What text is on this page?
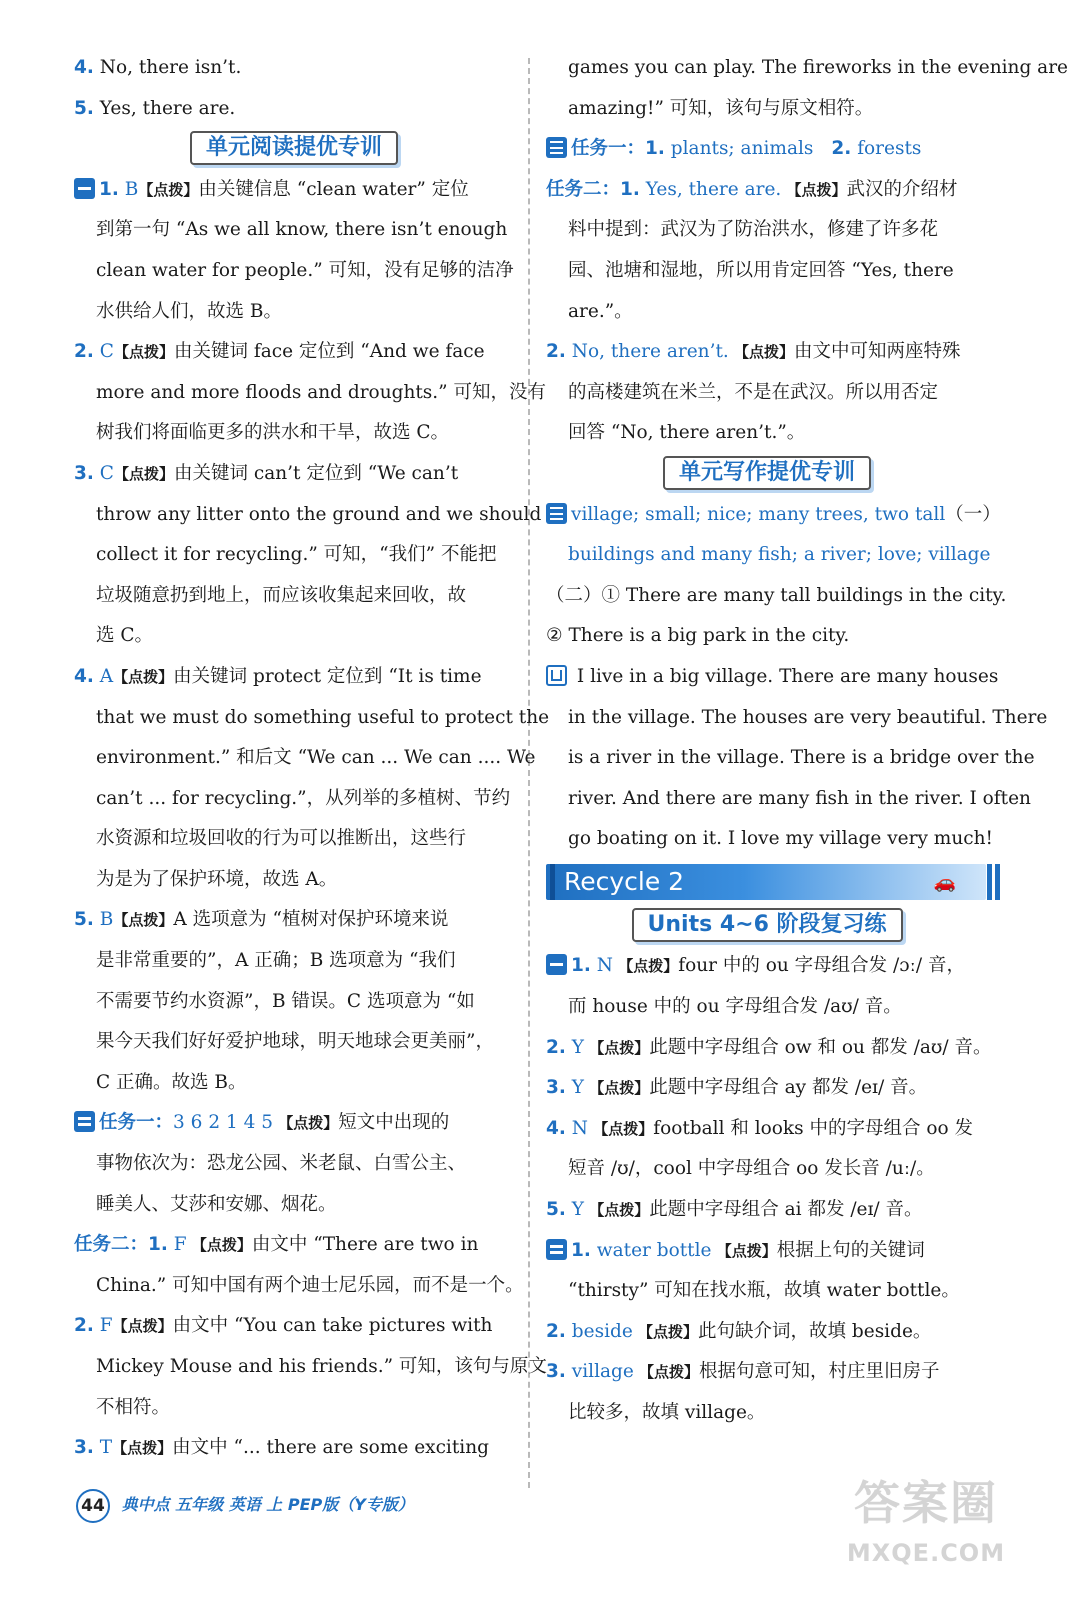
4. No, there isn’t.
5. Yes, there are.
单元阅读提优专训
1. B【点拨】由关键信息 “clean water” 定位
到第一句 “As we all know, there isn’t enough
clean water for people.” 可知，没有足够的洁净
水供给人们，故选 B。
2. C【点拨】由关键词 face 定位到 “And we face
more and more floods and droughts.” 可知，没有
树我们将面临更多的洪水和干旱，故选 C。
3. C【点拨】由关键词 can’t 定位到 “We can’t
throw any litter onto the ground and we should
collect it for recycling.” 可知，“我们” 不能把
垃圾随意扔到地上，而应该收集起来回收，故
选 C。
4. A【点拨】由关键词 protect 定位到 “It is time
that we must do something useful to protect the
environment.” 和后文 “We can ... We can .... We
can’t ... for recycling.”，从列举的多植树、节约
水资源和垃圾回收的行为可以推断出，这些行
为是为了保护环境，故选 A。
5. B【点拨】A 选项意为 “植树对保护环境来说
是非常重要的”，A 正确；B 选项意为 “我们
不需要节约水资源”，B 错误。C 选项意为 “如
果今天我们好好爱护地球，明天地球会更美丽”，
C 正确。故选 B。
任务一：3 6 2 1 4 5 【点拨】短文中出现的
事物依次为：恐龙公园、米老鼠、白雪公主、
睡美人、艾莎和安娜、烟花。
任务二：1. F 【点拨】由文中 “There are two in
China.” 可知中国有两个迪士尼乐园，而不是一个。
2. F【点拨】由文中 “You can take pictures with
Mickey Mouse and his friends.” 可知，该句与原文
不相符。
3. T【点拨】由文中 “... there are some exciting
games you can play. The fireworks in the evening are
amazing!” 可知，该句与原文相符。
任务一：1. plants; animals 2. forests
任务二：1. Yes, there are. 【点拨】武汉的介绍材
料中提到：武汉为了防治洪水，修建了许多花
园、池塘和湿地，所以用肯定回答 “Yes, there
are.”。
2. No, there aren’t. 【点拨】由文中可知两座特殊
的高楼建筑在米兰，不是在武汉。所以用否定
回答 “No, there aren’t.”。
单元写作提优专训
village; small; nice; many trees, two tall（一）
buildings and many fish; a river; love; village
（二）① There are many tall buildings in the city.
② There is a big park in the city.
I live in a big village. There are many houses
in the village. The houses are very beautiful. There
is a river in the village. There is a bridge over the
river. And there are many fish in the river. I often
go boating on it. I love my village very much!
Recycle 2	🚗
Units 4~6 阶段复习练
1. N 【点拨】four 中的 ou 字母组合发 /ɔː/ 音，
而 house 中的 ou 字母组合发 /aʊ/ 音。
2. Y 【点拨】此题中字母组合 ow 和 ou 都发 /aʊ/ 音。
3. Y 【点拨】此题中字母组合 ay 都发 /eɪ/ 音。
4. N 【点拨】football 和 looks 中的字母组合 oo 发
短音 /ʊ/，cool 中字母组合 oo 发长音 /uː/。
5. Y 【点拨】此题中字母组合 ai 都发 /eɪ/ 音。
1. water bottle 【点拨】根据上句的关键词
“thirsty” 可知在找水瓶，故填 water bottle。
2. beside 【点拨】此句缺介词，故填 beside。
3. village 【点拨】根据句意可知，村庄里旧房子
比较多，故填 village。
44 典中点 五年级 英语 上 PEP版（Y专版）	答案圈
MXQE.COM
